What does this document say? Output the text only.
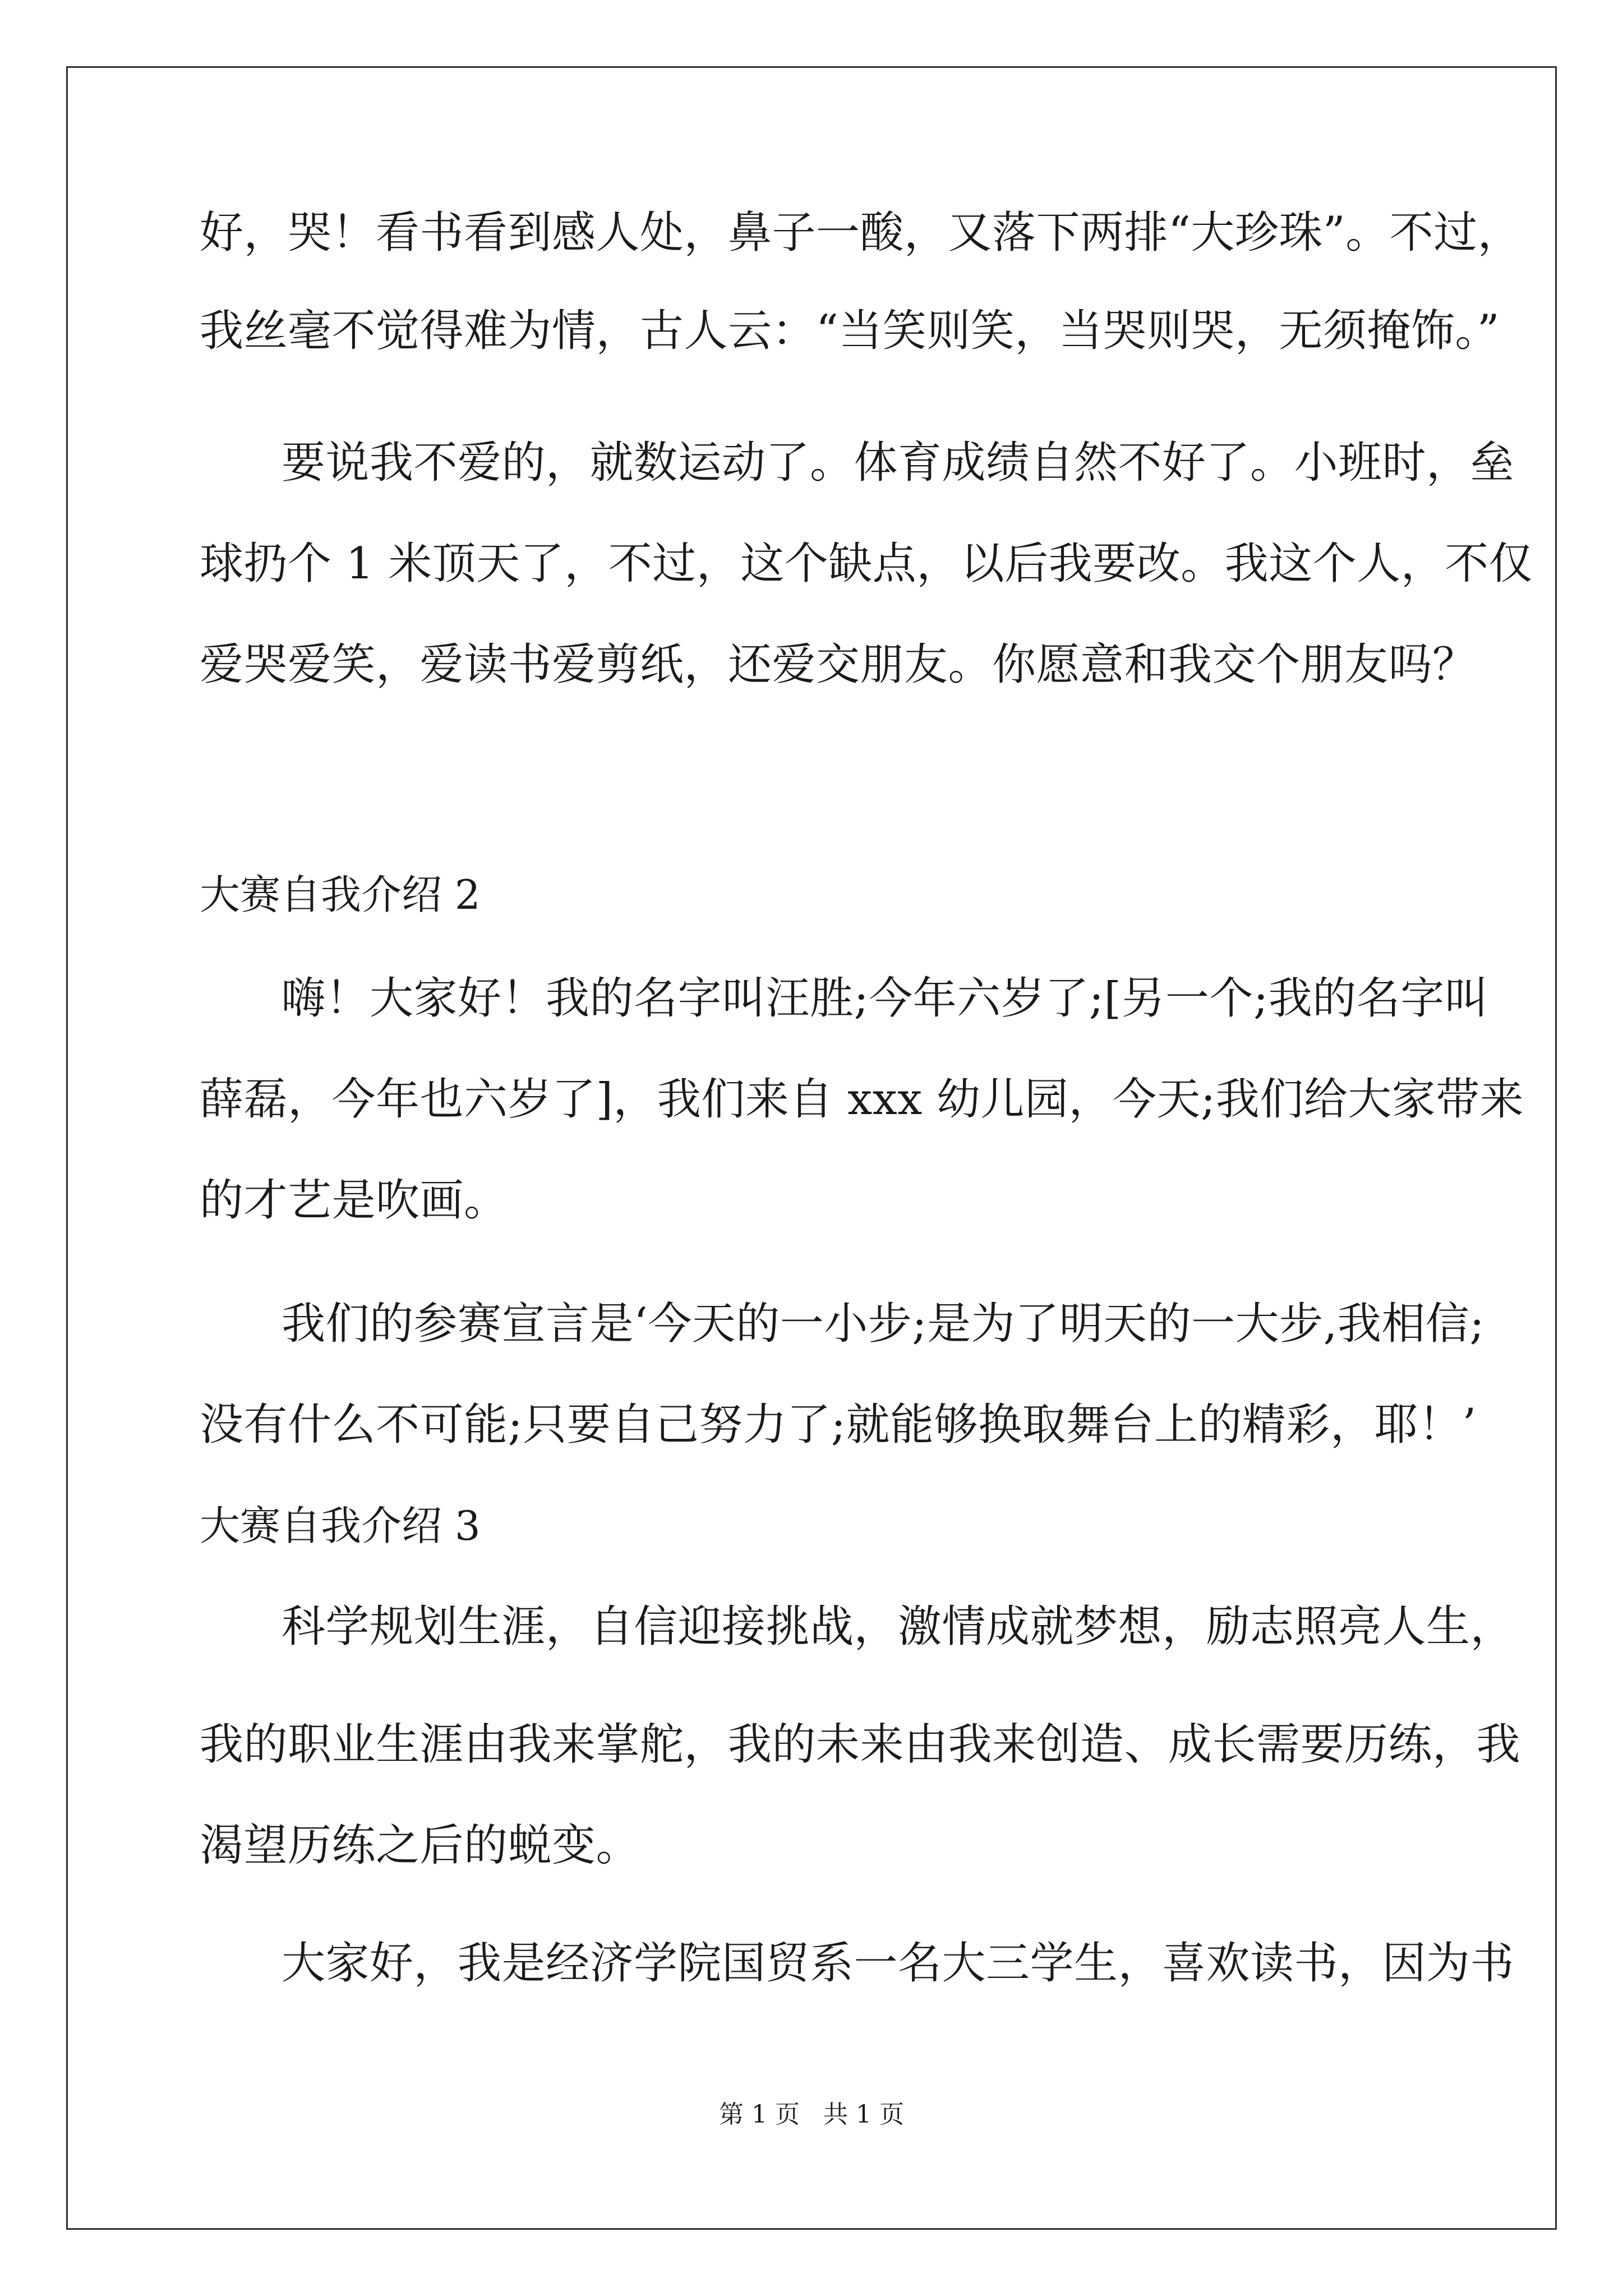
好，哭！看书看到感人处，鼻子一酸，又落下两排“大珍珠”。不过，
我丝毫不觉得难为情，古人云：“当笑则笑，当哭则哭，无须掩饰。”
要说我不爱的，就数运动了。体育成绩自然不好了。小班时，垒
球扔个 1 米顶天了，不过，这个缺点，以后我要改。我这个人，不仅
爱哭爱笑，爱读书爱剪纸，还爱交朋友。你愿意和我交个朋友吗？
大赛自我介绍 2
嗨！大家好！我的名字叫汪胜;今年六岁了;[另一个;我的名字叫
薛磊，今年也六岁了]，我们来自 xxx 幼儿园，今天;我们给大家带来
的才艺是吹画。
我们的参赛宣言是‘今天的一小步;是为了明天的一大步,我相信;
没有什么不可能;只要自己努力了;就能够换取舞台上的精彩，耶！’
大赛自我介绍 3
科学规划生涯，自信迎接挑战，激情成就梦想，励志照亮人生，
我的职业生涯由我来掌舵，我的未来由我来创造、成长需要历练，我
渴望历练之后的蜕变。
大家好，我是经济学院国贸系一名大三学生，喜欢读书，因为书
第 1 页   共 1 页
